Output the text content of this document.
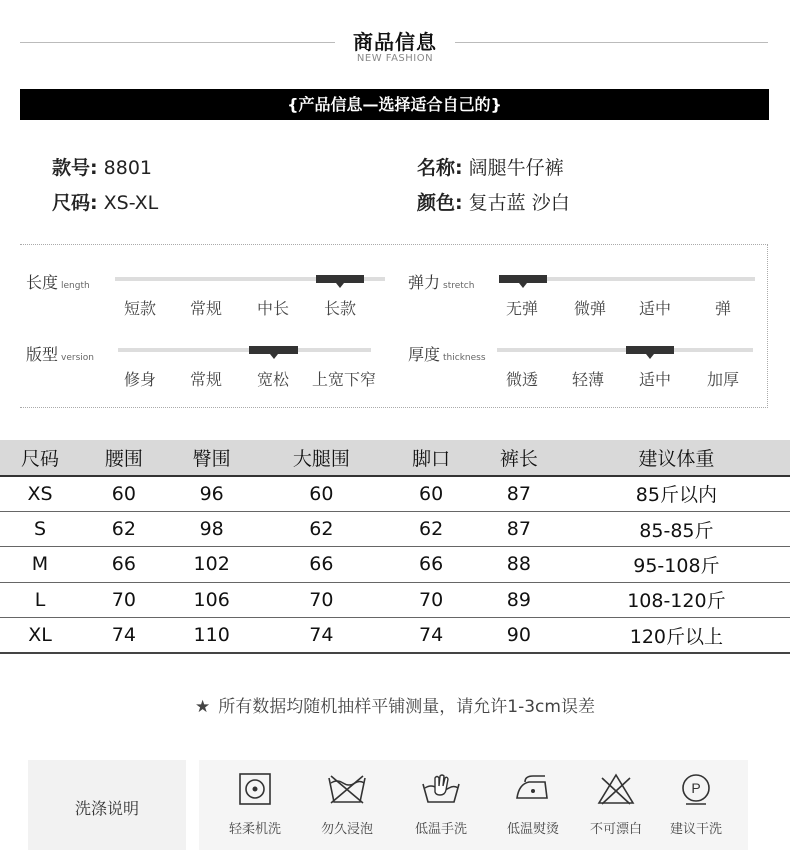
商品信息
NEW FASHION
{产品信息—选择适合自己的}
款号: 8801
尺码: XS-XL
名称: 阔腿牛仔裤
颜色: 复古蓝 沙白
长度 length
短款	常规	中长	长款
弹力 stretch
无弹	微弹	适中	弹
版型 version
修身	常规	宽松	上宽下窄
厚度 thickness
微透	轻薄	适中	加厚
尺码	腰围	臀围	大腿围	脚口	裤长	建议体重
XS	60	96	60	60	87	85斤以内
S	62	98	62	62	87	85-85斤
M	66	102	66	66	88	95-108斤
L	70	106	70	70	89	108-120斤
XL	74	110	74	74	90	120斤以上
★ 所有数据均随机抽样平铺测量，请允许1-3cm误差
洗涤说明
轻柔机洗	勿久浸泡	低温手洗	低温熨烫	不可漂白
P
建议干洗
